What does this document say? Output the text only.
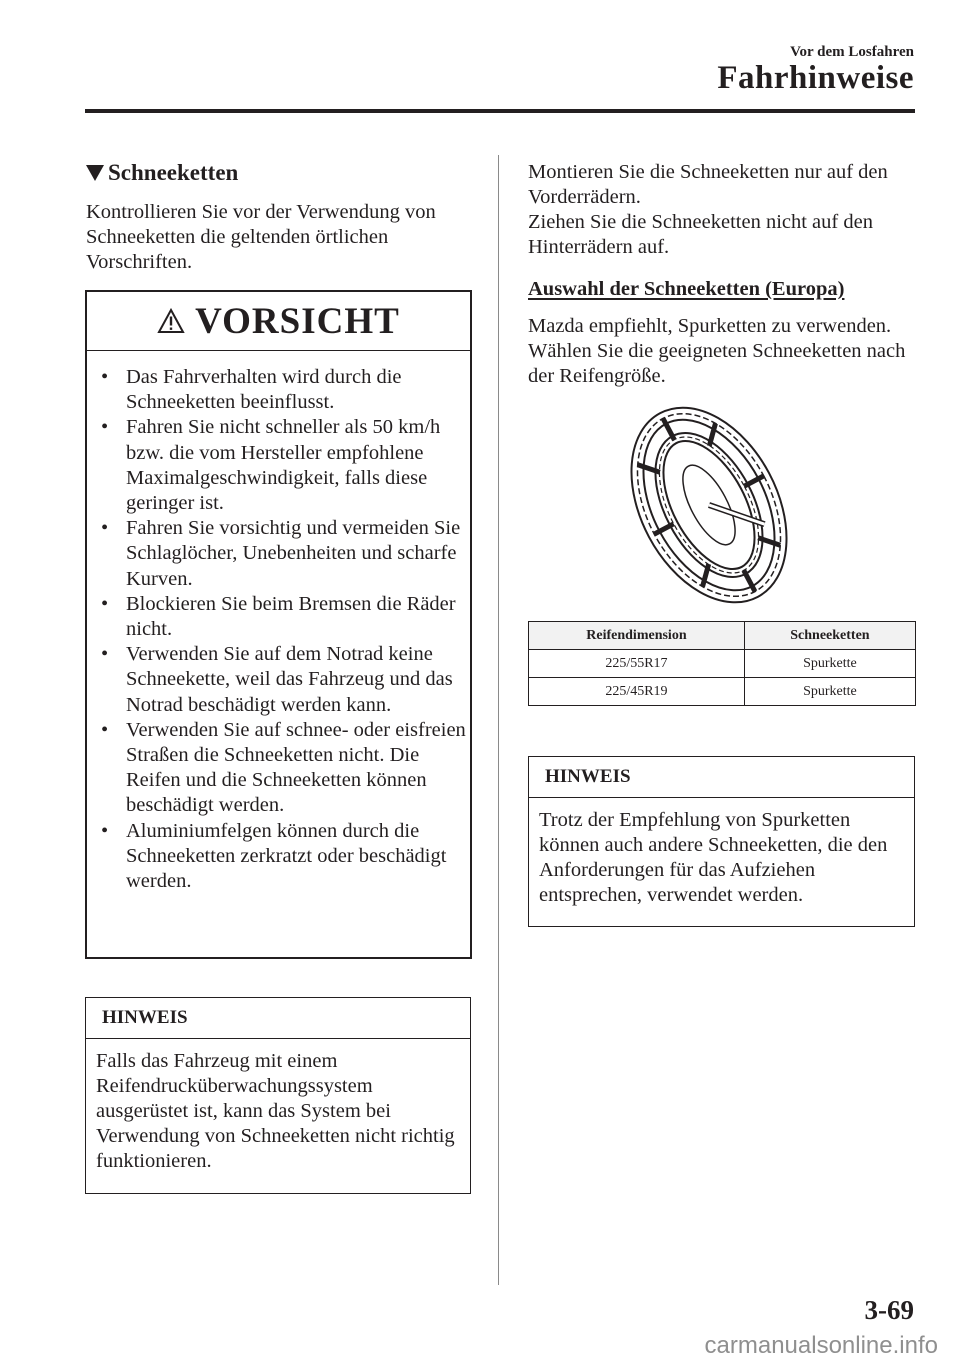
Vor dem Losfahren
Fahrhinweise
Schneeketten
Kontrollieren Sie vor der Verwendung von Schneeketten die geltenden örtlichen Vorschriften.
VORSICHT
• Das Fahrverhalten wird durch die Schneeketten beeinflusst.
• Fahren Sie nicht schneller als 50 km/h bzw. die vom Hersteller empfohlene Maximalgeschwindigkeit, falls diese geringer ist.
• Fahren Sie vorsichtig und vermeiden Sie Schlaglöcher, Unebenheiten und scharfe Kurven.
• Blockieren Sie beim Bremsen die Räder nicht.
• Verwenden Sie auf dem Notrad keine Schneekette, weil das Fahrzeug und das Notrad beschädigt werden kann.
• Verwenden Sie auf schnee- oder eisfreien Straßen die Schneeketten nicht. Die Reifen und die Schneeketten können beschädigt werden.
• Aluminiumfelgen können durch die Schneeketten zerkratzt oder beschädigt werden.
HINWEIS
Falls das Fahrzeug mit einem Reifendrucküberwachungssystem ausgerüstet ist, kann das System bei Verwendung von Schneeketten nicht richtig funktionieren.
Montieren Sie die Schneeketten nur auf den Vorderrädern.
Ziehen Sie die Schneeketten nicht auf den Hinterrädern auf.
Auswahl der Schneeketten (Europa)
Mazda empfiehlt, Spurketten zu verwenden. Wählen Sie die geeigneten Schneeketten nach der Reifengröße.
Reifendimension	Schneeketten
225/55R17	Spurkette
225/45R19	Spurkette
HINWEIS
Trotz der Empfehlung von Spurketten können auch andere Schneeketten, die den Anforderungen für das Aufziehen entsprechen, verwendet werden.
3-69
carmanualsonline.info
